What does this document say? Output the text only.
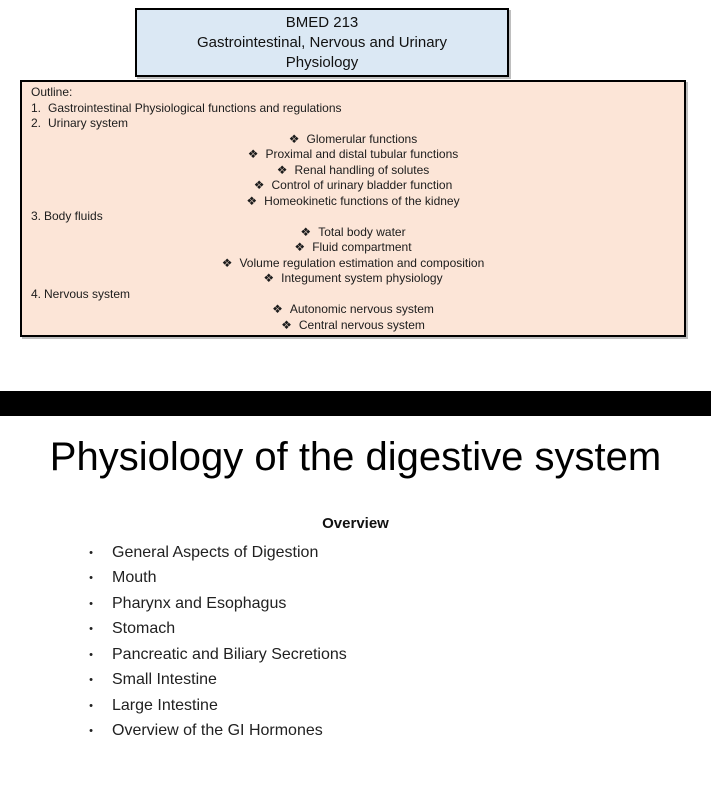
BMED 213
Gastrointestinal, Nervous and Urinary
Physiology
Outline:
1. Gastrointestinal Physiological functions and regulations
2. Urinary system
❖ Glomerular functions
❖ Proximal and distal tubular functions
❖ Renal handling of solutes
❖ Control of urinary bladder function
❖ Homeokinetic functions of the kidney
3. Body fluids
❖ Total body water
❖ Fluid compartment
❖ Volume regulation estimation and composition
❖ Integument system physiology
4. Nervous system
❖ Autonomic nervous system
❖ Central nervous system
Physiology of the digestive system
Overview
• General Aspects of Digestion
• Mouth
• Pharynx and Esophagus
• Stomach
• Pancreatic and Biliary Secretions
• Small Intestine
• Large Intestine
• Overview of the GI Hormones
